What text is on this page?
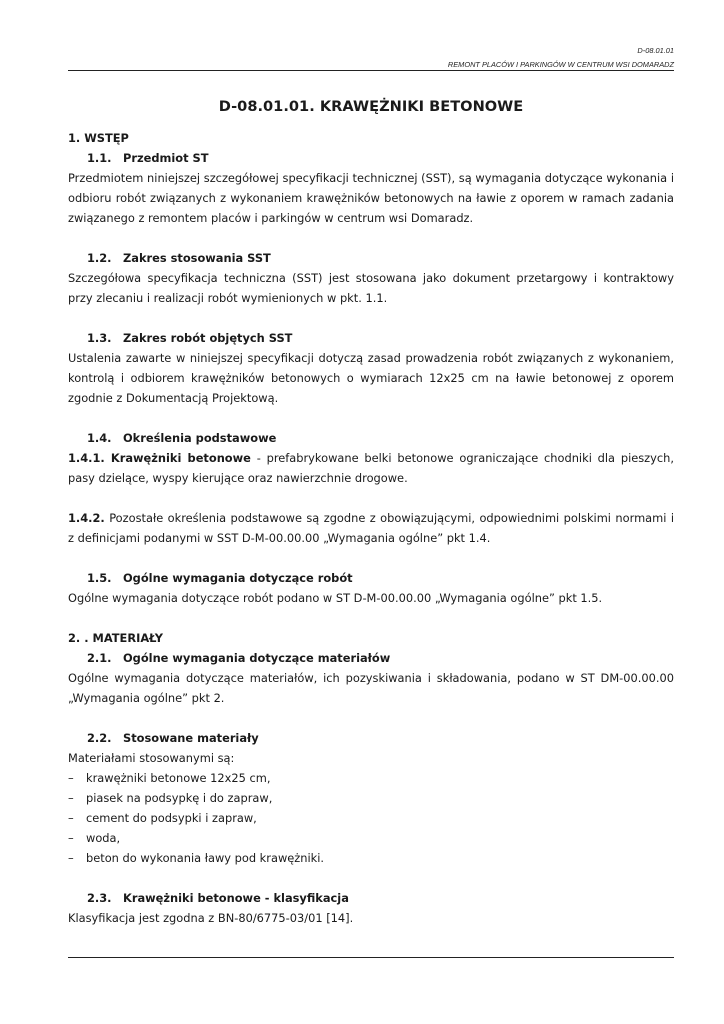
D-08.01.01
REMONT PLACÓW I PARKINGÓW W CENTRUM WSI DOMARADZ
D-08.01.01. KRAWĘŻNIKI BETONOWE

1. WSTĘP

1.1. Przedmiot ST

Przedmiotem niniejszej szczegółowej specyfikacji technicznej (SST), są wymagania dotyczące wykonania i odbioru robót związanych z wykonaniem krawężników betonowych na ławie z oporem w ramach zadania związanego z remontem placów i parkingów w centrum wsi Domaradz.

1.2. Zakres stosowania SST

Szczegółowa specyfikacja techniczna (SST) jest stosowana jako dokument przetargowy i kontraktowy przy zlecaniu i realizacji robót wymienionych w pkt. 1.1.

1.3. Zakres robót objętych SST

Ustalenia zawarte w niniejszej specyfikacji dotyczą zasad prowadzenia robót związanych z wykonaniem, kontrolą i odbiorem krawężników betonowych o wymiarach 12x25 cm na ławie betonowej z oporem zgodnie z Dokumentacją Projektową.

1.4. Określenia podstawowe

1.4.1. Krawężniki betonowe - prefabrykowane belki betonowe ograniczające chodniki dla pieszych, pasy dzielące, wyspy kierujące oraz nawierzchnie drogowe.

1.4.2. Pozostałe określenia podstawowe są zgodne z obowiązującymi, odpowiednimi polskimi normami i z definicjami podanymi w SST D-M-00.00.00 „Wymagania ogólne” pkt 1.4.

1.5. Ogólne wymagania dotyczące robót

Ogólne wymagania dotyczące robót podano w ST D-M-00.00.00 „Wymagania ogólne” pkt 1.5.

2. . MATERIAŁY

2.1. Ogólne wymagania dotyczące materiałów

Ogólne wymagania dotyczące materiałów, ich pozyskiwania i składowania, podano w ST DM-00.00.00 „Wymagania ogólne” pkt 2.

2.2. Stosowane materiały

Materiałami stosowanymi są:

– krawężniki betonowe 12x25 cm,
– piasek na podsypkę i do zapraw,
– cement do podsypki i zapraw,
– woda,
– beton do wykonania ławy pod krawężniki.

2.3. Krawężniki betonowe - klasyfikacja

Klasyfikacja jest zgodna z BN-80/6775-03/01 [14].
